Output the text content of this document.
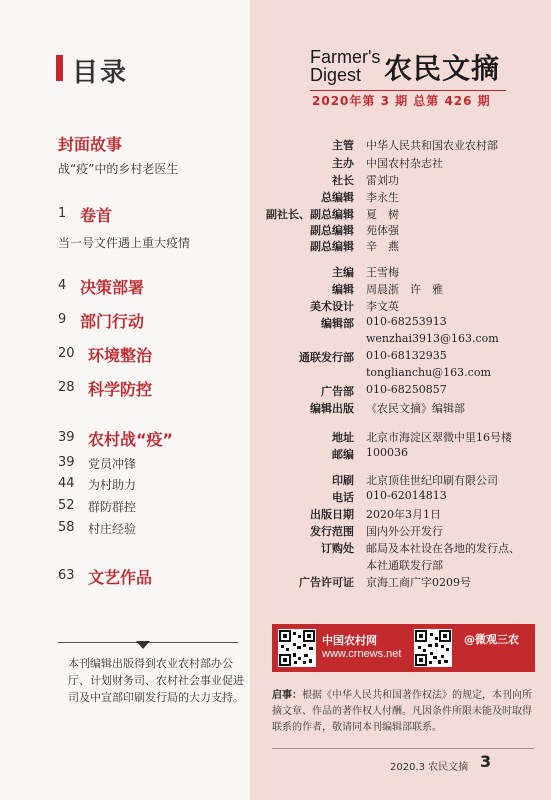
目录
封面故事
战“疫”中的乡村老医生
1 卷首
当一号文件遇上重大疫情
4 决策部署
9 部门行动
20 环境整治
28 科学防控
39 农村战“疫”
39 党员冲锋
44 为村助力
52 群防群控
58 村庄经验
63 文艺作品
本刊编辑出版得到农业农村部办公厅、计划财务司、农村社会事业促进司及中宣部印刷发行局的大力支持。
Farmer's
Digest 农民文摘
2020年第 3 期 总第 426 期
主管 中华人民共和国农业农村部
主办 中国农村杂志社
社长 雷刘功
总编辑 李永生
副社长、副总编辑 夏　树
副总编辑 苑体强
副总编辑 辛　燕
主编 王雪梅
编辑 周晨浙　许　雅
美术设计 李文英
编辑部 010-68253913
wenzhai3913@163.com
通联发行部 010-68132935
tonglianchu@163.com
广告部 010-68250857
编辑出版 《农民文摘》编辑部
地址 北京市海淀区翠微中里16号楼
邮编 100036
印刷 北京顶佳世纪印刷有限公司
电话 010-62014813
出版日期 2020年3月1日
发行范围 国内外公开发行
订购处 邮局及本社设在各地的发行点、
本社通联发行部
广告许可证 京海工商广字0209号
中国农村网
www.crnews.net
@微观三农
启事：根据《中华人民共和国著作权法》的规定，本刊向所摘文章、作品的著作权人付酬。凡因条件所限未能及时取得联系的作者，敬请同本刊编辑部联系。
2020.3 农民文摘 3
